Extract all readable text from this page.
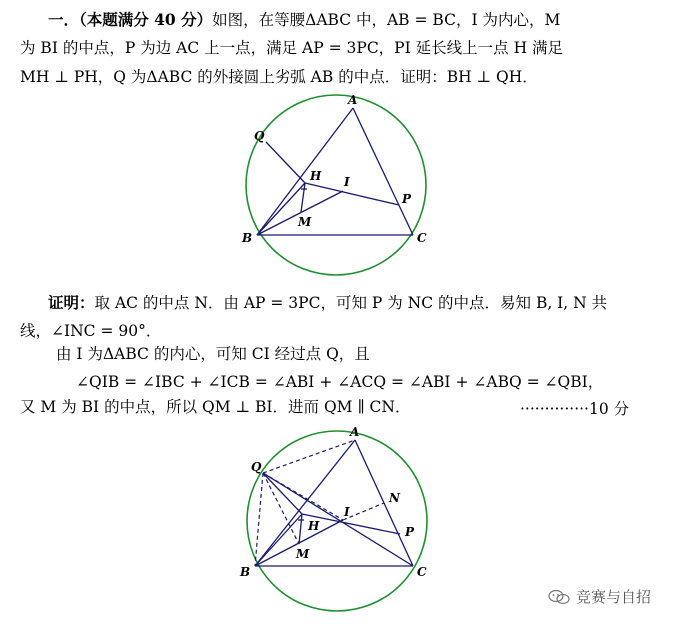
一．（本题满分 40 分）如图，在等腰ΔABC 中，AB = BC，I 为内心，M
为 BI 的中点，P 为边 AC 上一点，满足 AP = 3PC，PI 延长线上一点 H 满足
MH ⊥ PH，Q 为ΔABC 的外接圆上劣弧 AB 的中点．证明：BH ⊥ QH．
A
B	C
Q
H I
P
M
证明：取 AC 的中点 N．由 AP = 3PC，可知 P 为 NC 的中点．易知 B, I, N 共
线，∠INC = 90°．
由 I 为ΔABC 的内心，可知 CI 经过点 Q，且
∠QIB = ∠IBC + ∠ICB = ∠ABI + ∠ACQ = ∠ABI + ∠ABQ = ∠QBI，
又 M 为 BI 的中点，所以 QM ⊥ BI．进而 QM ∥ CN．	··············10 分
A
B	C
Q
H
I
P
M
N
竞赛与自招
